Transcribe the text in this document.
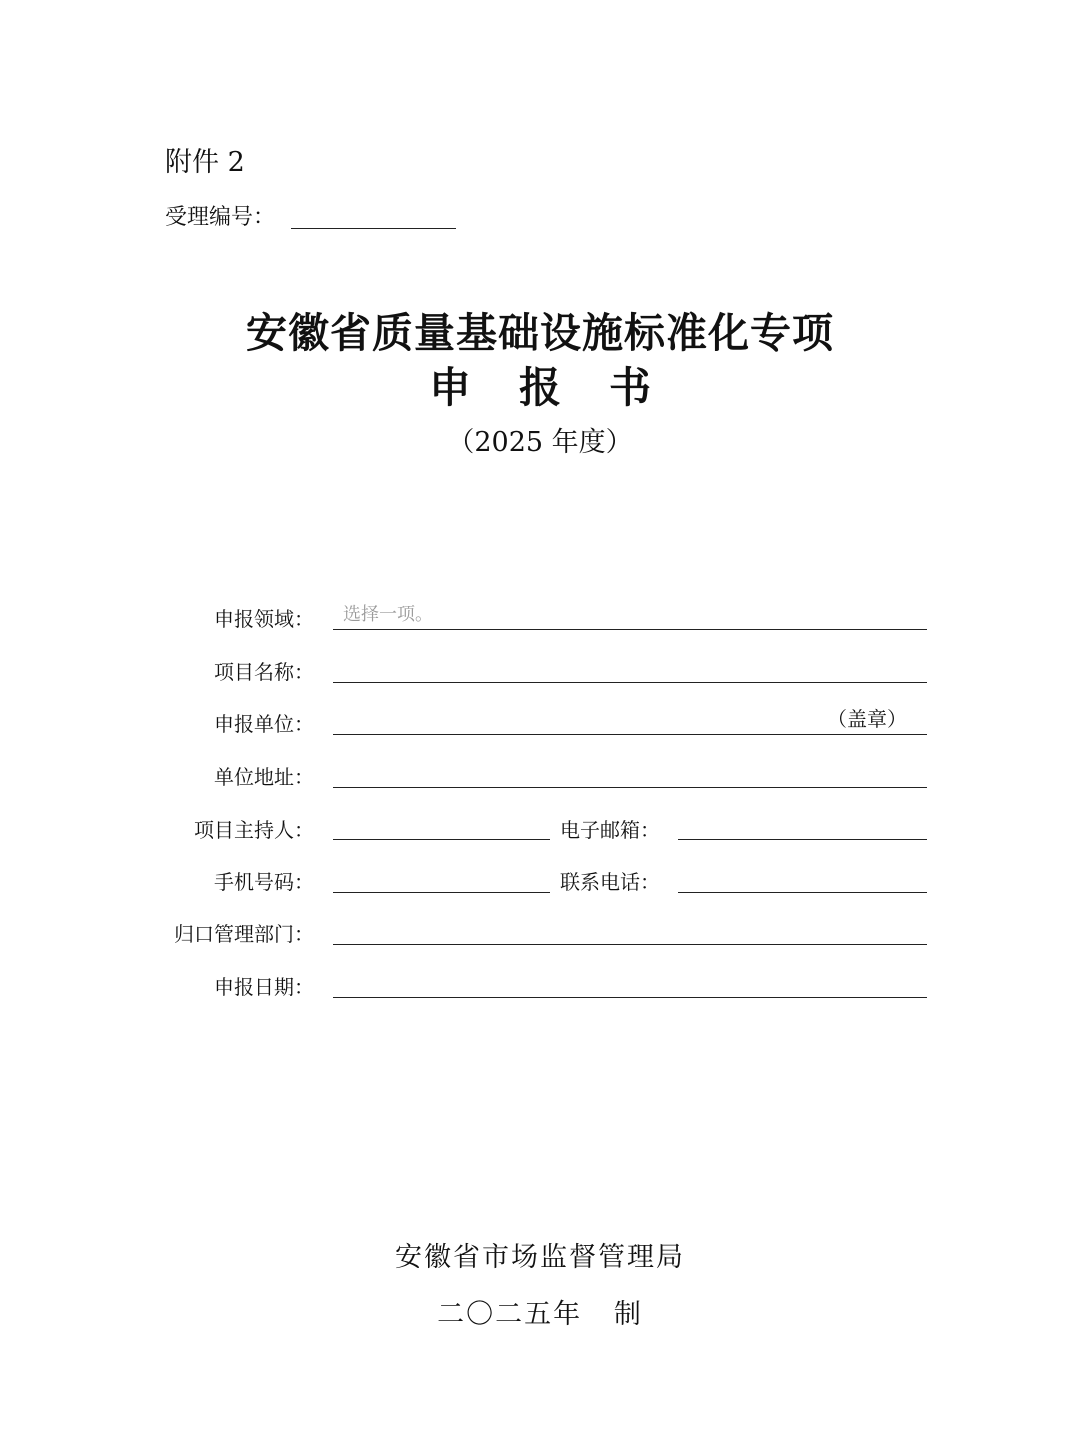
附件 2
受理编号：
安徽省质量基础设施标准化专项
申报书
（2025 年度）
申报领域： 选择一项。
项目名称：
申报单位：	（盖章）
单位地址：
项目主持人：	电子邮箱：
手机号码：	联系电话：
归口管理部门：
申报日期：
安徽省市场监督管理局
二〇二五年   制
